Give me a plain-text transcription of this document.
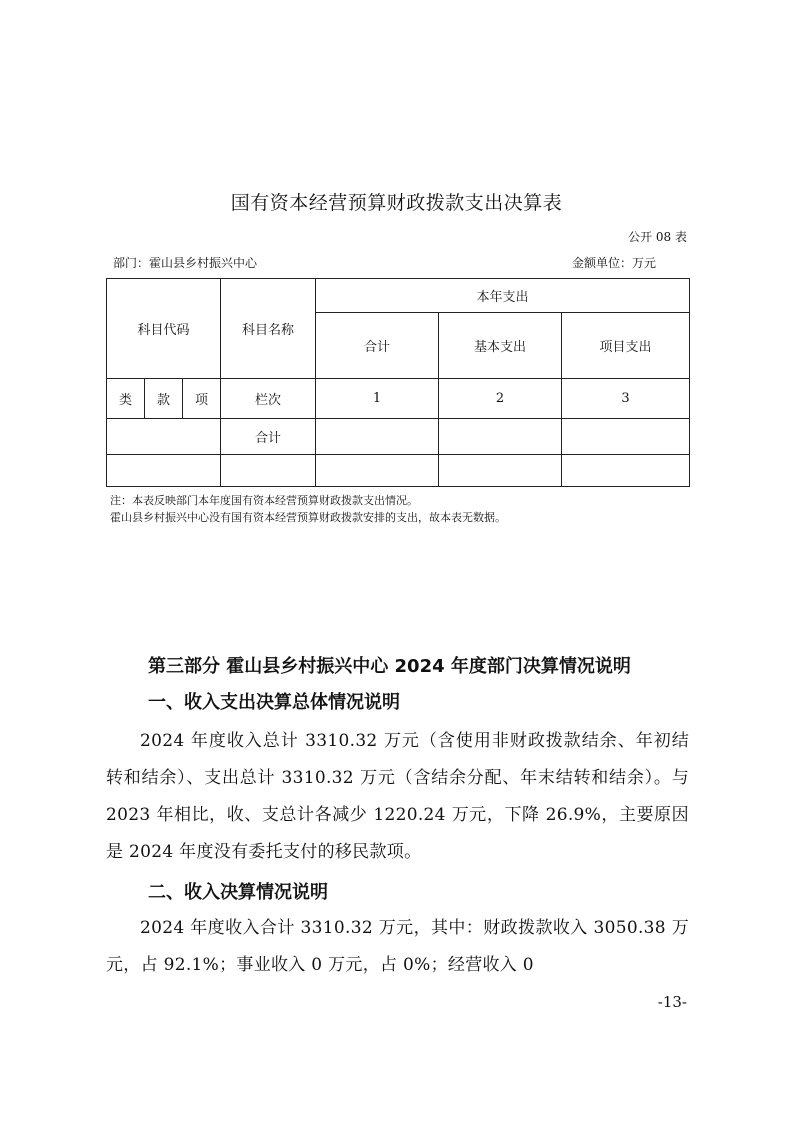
国有资本经营预算财政拨款支出决算表
公开 08 表
部门：霍山县乡村振兴中心	金额单位：万元
科目代码			科目名称	本年支出		
				合计	基本支出	项目支出
类	款	项	栏次	1	2	3
			合计			

注：本表反映部门本年度国有资本经营预算财政拨款支出情况。
霍山县乡村振兴中心没有国有资本经营预算财政拨款安排的支出，故本表无数据。
第三部分 霍山县乡村振兴中心 2024 年度部门决算情况说明
一、收入支出决算总体情况说明
2024 年度收入总计 3310.32 万元（含使用非财政拨款结余、年初结转和结余）、支出总计 3310.32 万元（含结余分配、年末结转和结余）。与 2023 年相比，收、支总计各减少 1220.24 万元，下降 26.9%，主要原因是 2024 年度没有委托支付的移民款项。
二、收入决算情况说明
2024 年度收入合计 3310.32 万元，其中：财政拨款收入 3050.38 万元，占 92.1%；事业收入 0 万元，占 0%；经营收入 0
-13-
